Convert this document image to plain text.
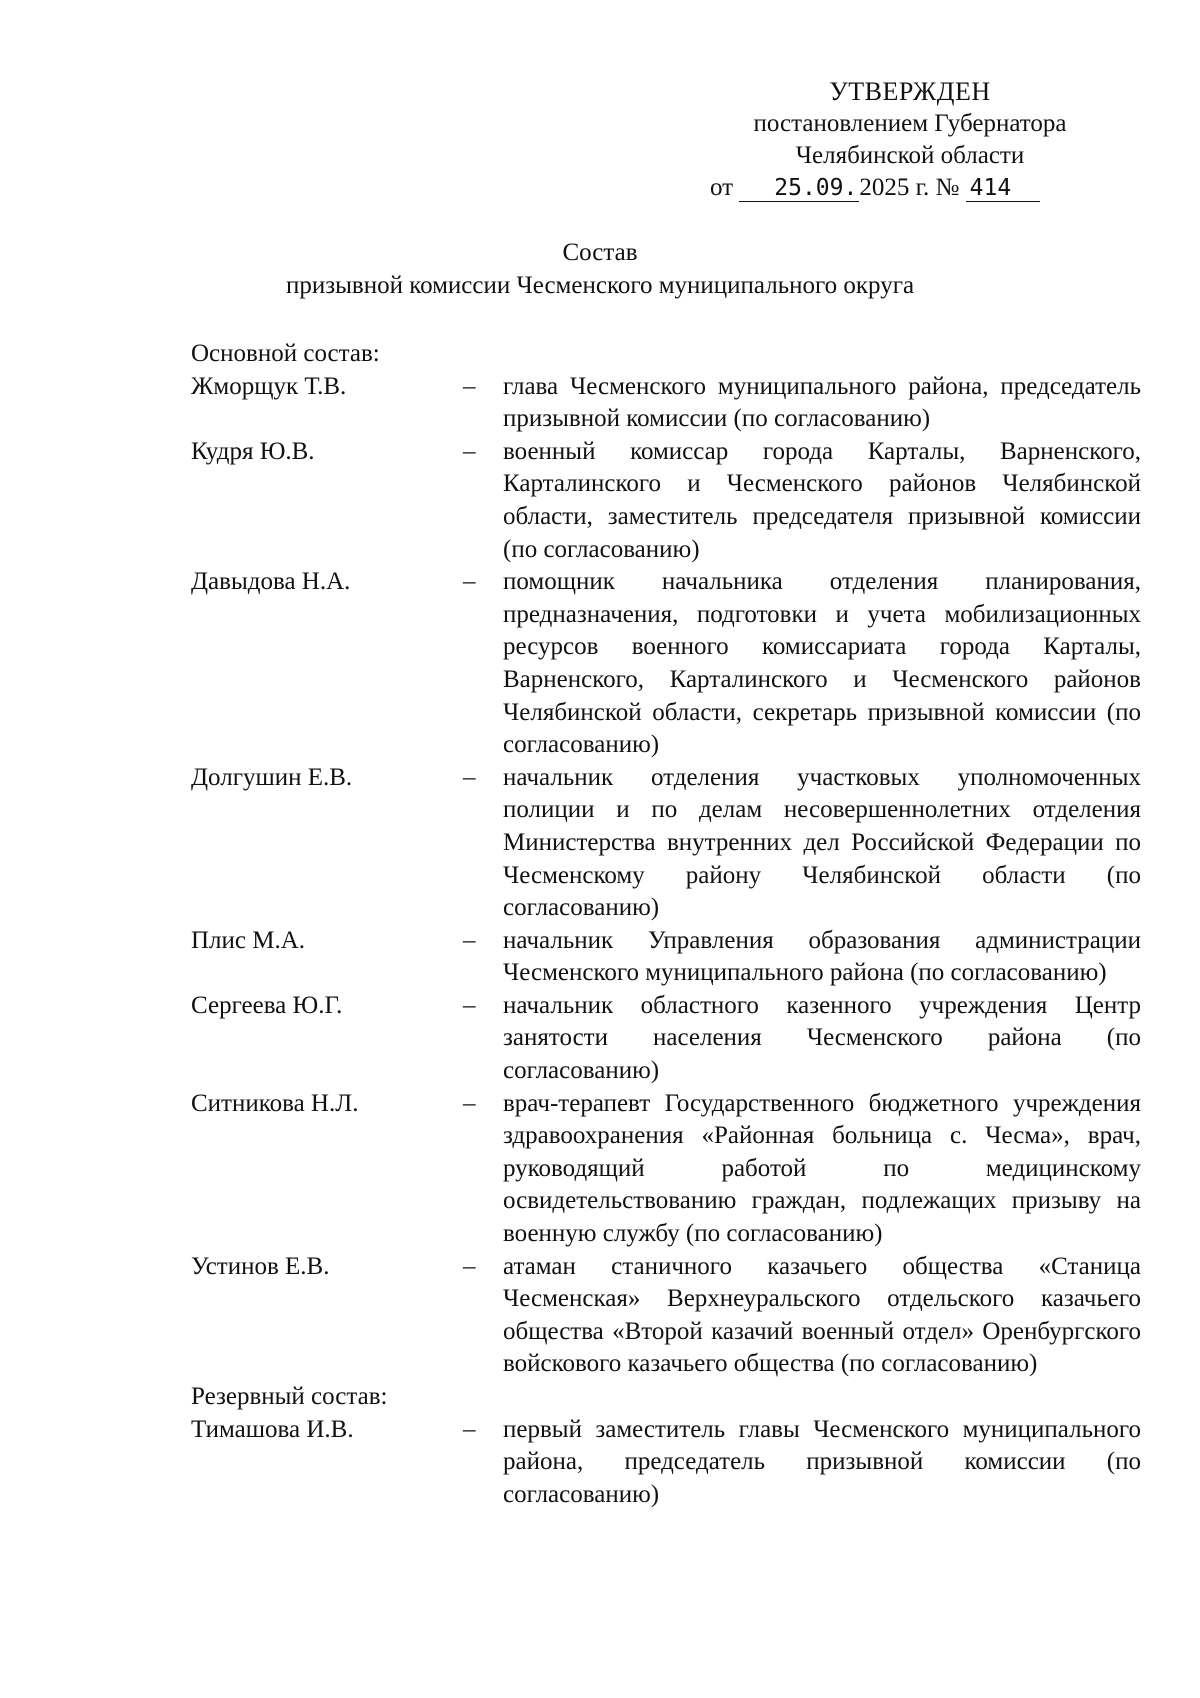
УТВЕРЖДЕН
постановлением Губернатора
Челябинской области
от 25.09.2025 г. № 414
Состав
призывной комиссии Чесменского муниципального округа
Основной состав:
Жморщук Т.В.	–	глава Чесменского муниципального района, председатель призывной комиссии (по согласованию)
Кудря Ю.В.	–	военный комиссар города Карталы, Варненского, Карталинского и Чесменского районов Челябинской области, заместитель председателя призывной комиссии (по согласованию)
Давыдова Н.А.	–	помощник начальника отделения планирования, предназначения, подготовки и учета мобилизационных ресурсов военного комиссариата города Карталы, Варненского, Карталинского и Чесменского районов Челябинской области, секретарь призывной комиссии (по согласованию)
Долгушин Е.В.	–	начальник отделения участковых уполномоченных полиции и по делам несовершеннолетних отделения Министерства внутренних дел Российской Федерации по Чесменскому району Челябинской области (по согласованию)
Плис М.А.	–	начальник Управления образования администрации Чесменского муниципального района (по согласованию)
Сергеева Ю.Г.	–	начальник областного казенного учреждения Центр занятости населения Чесменского района (по согласованию)
Ситникова Н.Л.	–	врач-терапевт Государственного бюджетного учреждения здравоохранения «Районная больница с. Чесма», врач, руководящий работой по медицинскому освидетельствованию граждан, подлежащих призыву на военную службу (по согласованию)
Устинов Е.В.	–	атаман станичного казачьего общества «Станица Чесменская» Верхнеуральского отдельского казачьего общества «Второй казачий военный отдел» Оренбургского войскового казачьего общества (по согласованию)
Резервный состав:
Тимашова И.В.	–	первый заместитель главы Чесменского муниципального района, председатель призывной комиссии (по согласованию)
